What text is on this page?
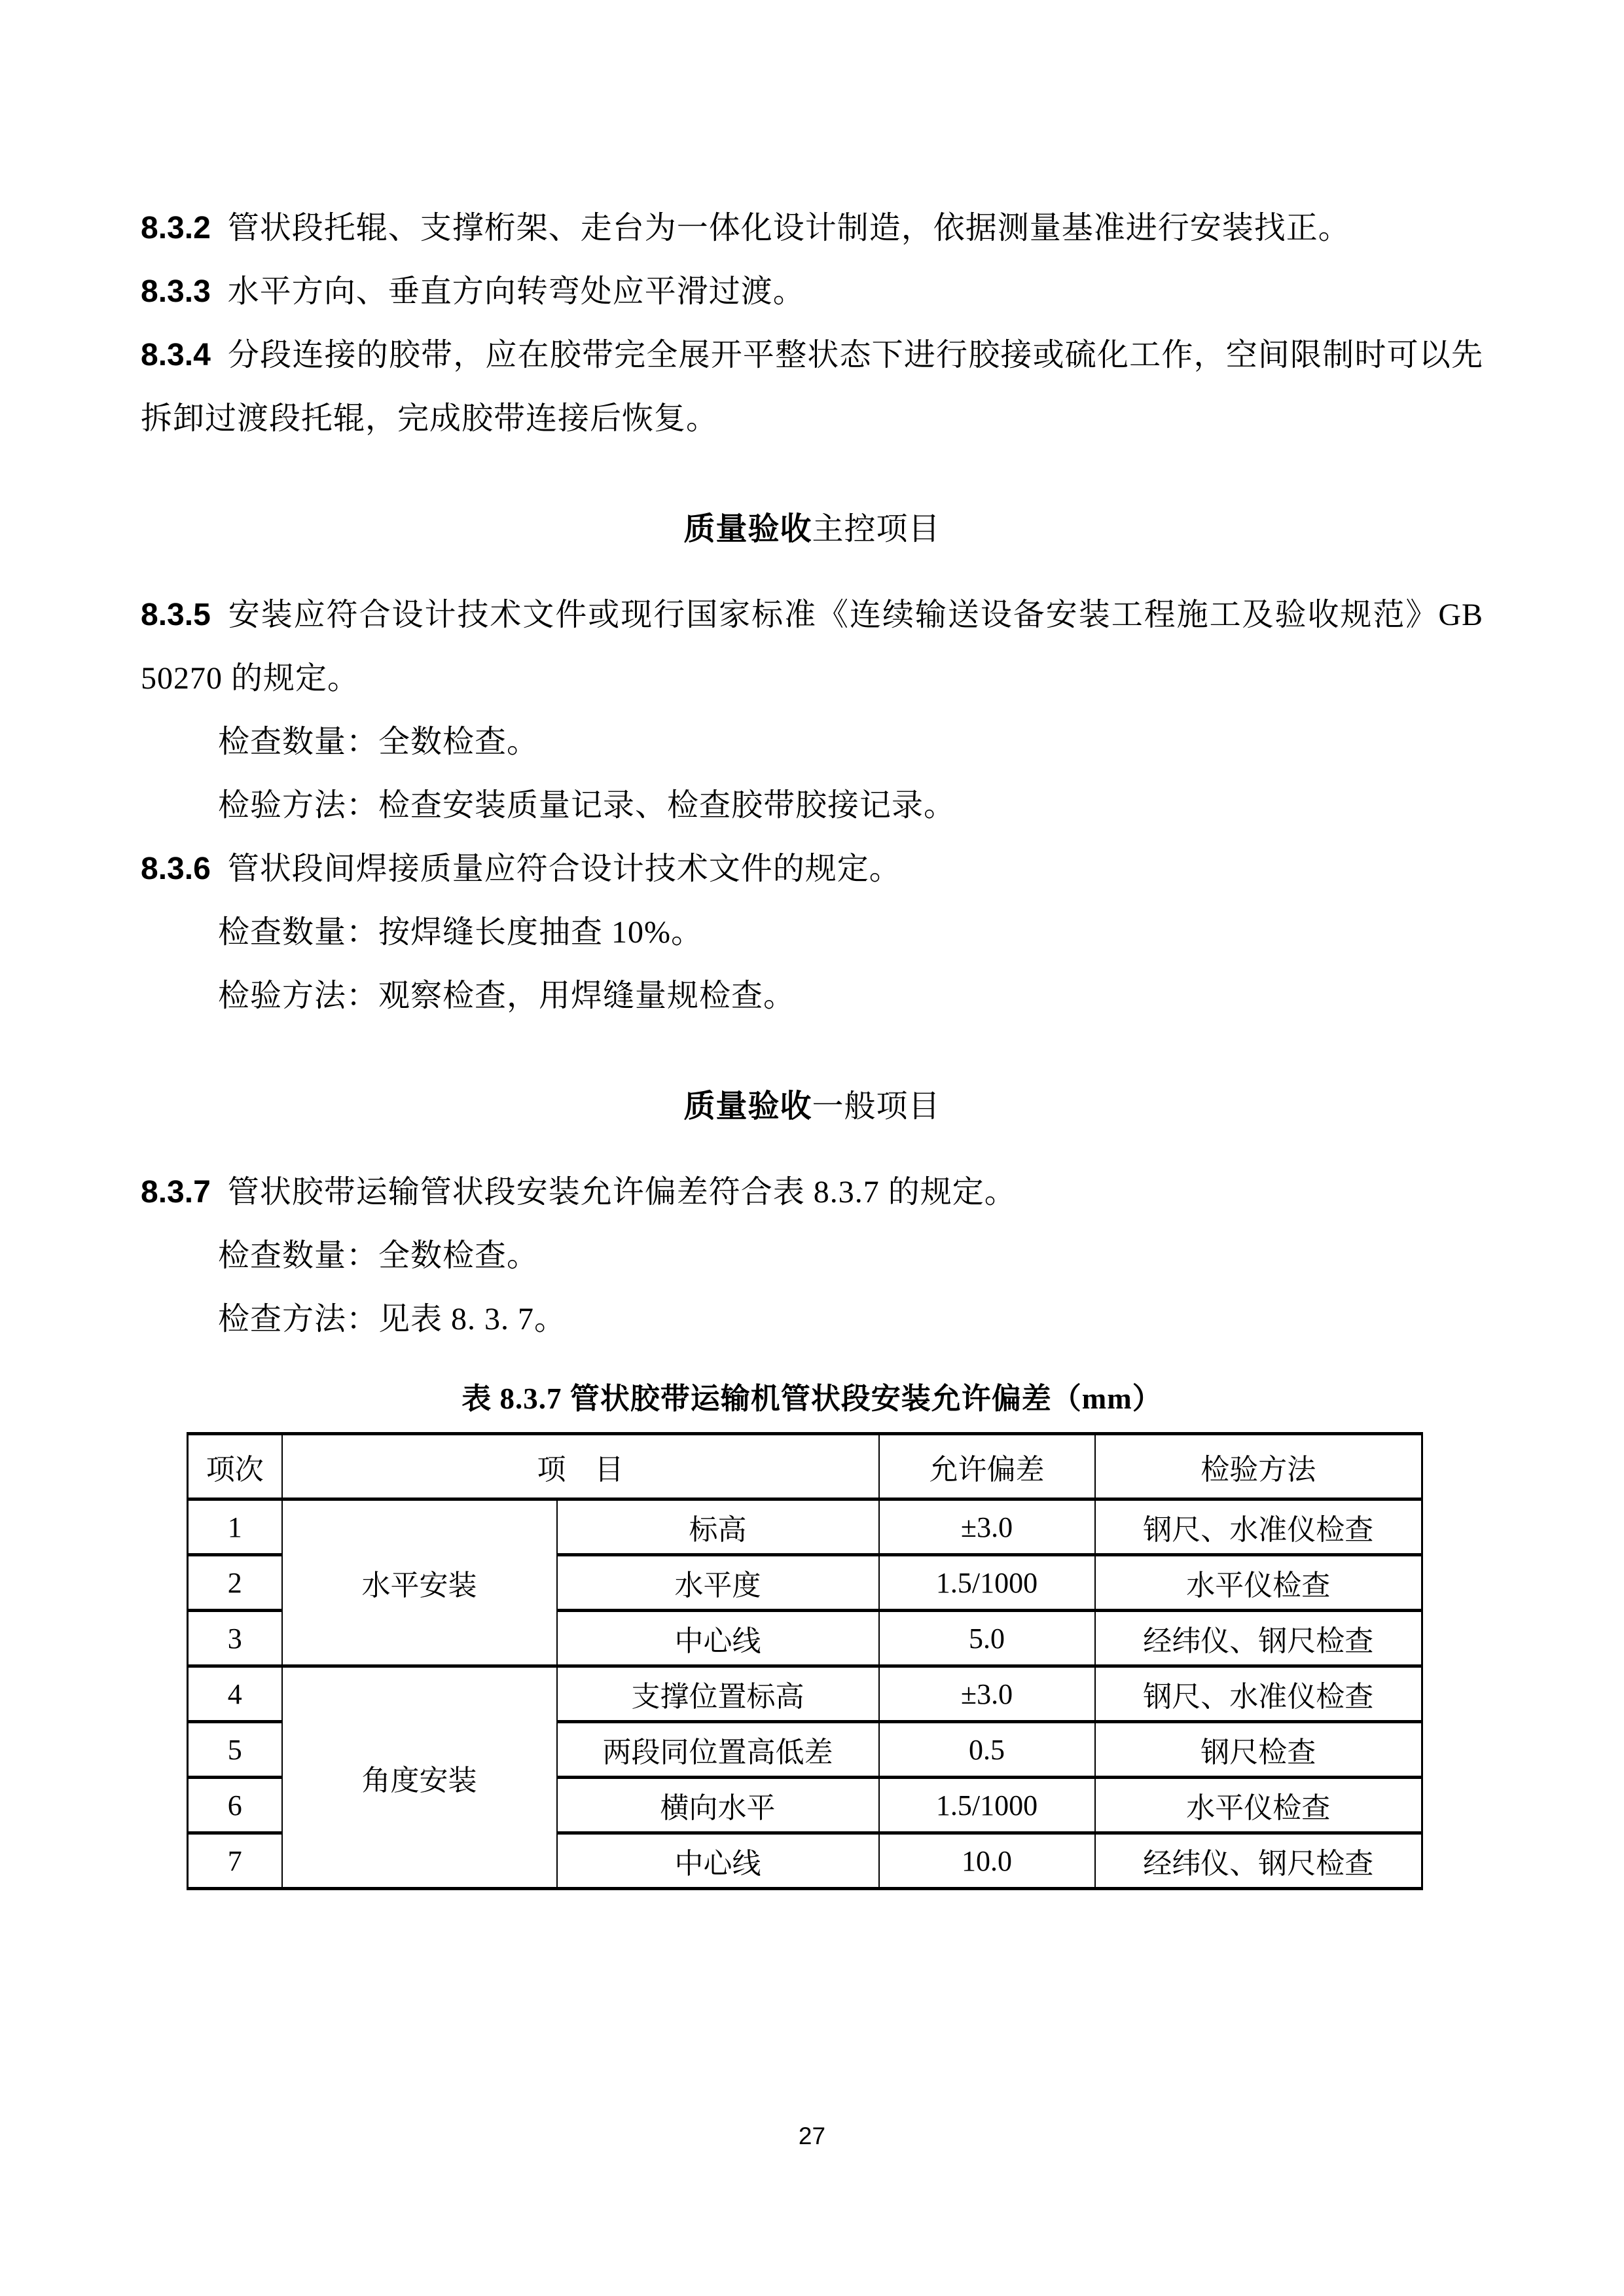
8.3.2 管状段托辊、支撑桁架、走台为一体化设计制造，依据测量基准进行安装找正。

8.3.3 水平方向、垂直方向转弯处应平滑过渡。

8.3.4 分段连接的胶带，应在胶带完全展开平整状态下进行胶接或硫化工作，空间限制时可以先拆卸过渡段托辊，完成胶带连接后恢复。

质量验收主控项目

8.3.5 安装应符合设计技术文件或现行国家标准《连续输送设备安装工程施工及验收规范》GB 50270 的规定。

检查数量：全数检查。

检验方法：检查安装质量记录、检查胶带胶接记录。

8.3.6 管状段间焊接质量应符合设计技术文件的规定。

检查数量：按焊缝长度抽查 10%。

检验方法：观察检查，用焊缝量规检查。

质量验收一般项目

8.3.7 管状胶带运输管状段安装允许偏差符合表 8.3.7 的规定。

检查数量：全数检查。

检查方法：见表 8. 3. 7。

表 8.3.7 管状胶带运输机管状段安装允许偏差（mm）
项次	项　目		允许偏差	检验方法
1	水平安装	标高	±3.0	钢尺、水准仪检查
2		水平度	1.5/1000	水平仪检查
3		中心线	5.0	经纬仪、钢尺检查
4	角度安装	支撑位置标高	±3.0	钢尺、水准仪检查
5		两段同位置高低差	0.5	钢尺检查
6		横向水平	1.5/1000	水平仪检查
7		中心线	10.0	经纬仪、钢尺检查
27
